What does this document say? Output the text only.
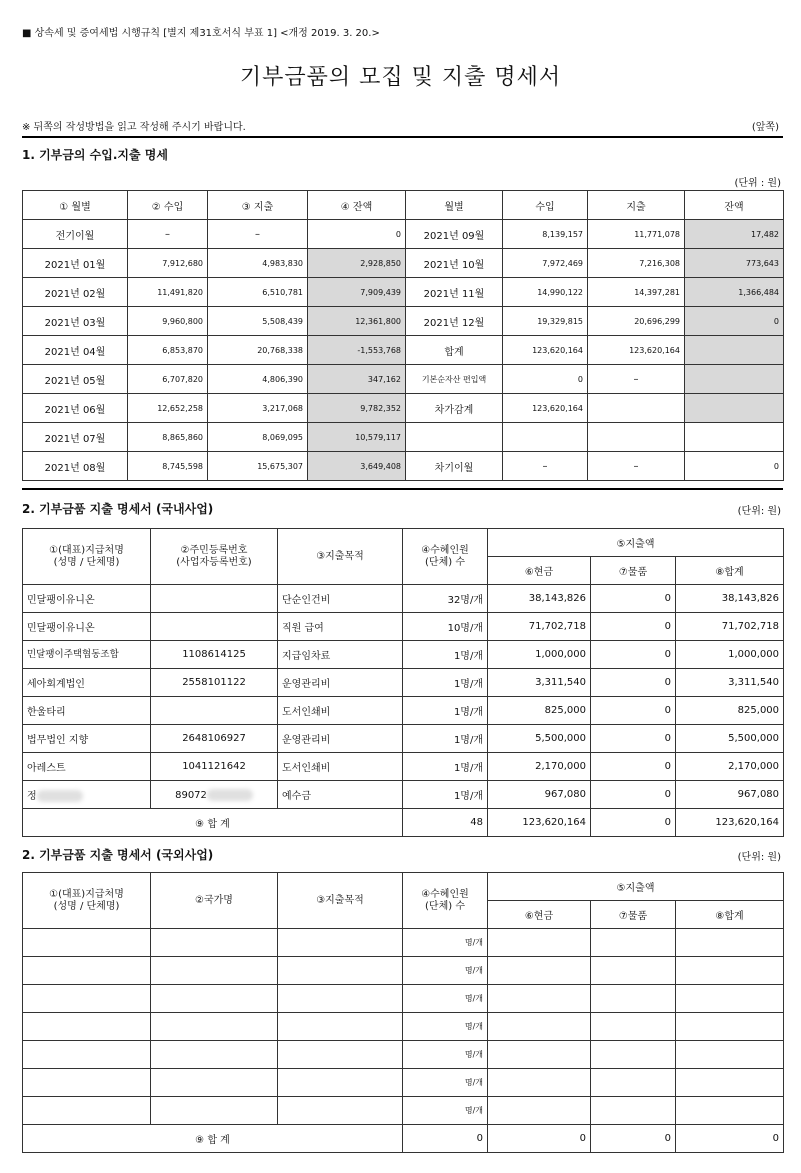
■ 상속세 및 증여세법 시행규칙 [별지 제31호서식 부표 1] <개정 2019. 3. 20.>
기부금품의 모집 및 지출 명세서
※ 뒤쪽의 작성방법을 읽고 작성해 주시기 바랍니다.	(앞쪽)
1. 기부금의 수입.지출 명세
(단위 : 원)
① 월별	② 수입	③ 지출	④ 잔액	월별	수입	지출	잔액
전기이월	–	–	0	2021년 09월	8,139,157	11,771,078	17,482
2021년 01월	7,912,680	4,983,830	2,928,850	2021년 10월	7,972,469	7,216,308	773,643
2021년 02월	11,491,820	6,510,781	7,909,439	2021년 11월	14,990,122	14,397,281	1,366,484
2021년 03월	9,960,800	5,508,439	12,361,800	2021년 12월	19,329,815	20,696,299	0
2021년 04월	6,853,870	20,768,338	-1,553,768	합계	123,620,164	123,620,164	
2021년 05월	6,707,820	4,806,390	347,162	기본순자산 편입액	0	–	
2021년 06월	12,652,258	3,217,068	9,782,352	차가감계	123,620,164		
2021년 07월	8,865,860	8,069,095	10,579,117				
2021년 08월	8,745,598	15,675,307	3,649,408	차기이월	–	–	0
2. 기부금품 지출 명세서 (국내사업)	(단위: 원)
①(대표)지급처명
(성명 / 단체명)	②주민등록번호
(사업자등록번호)	③지출목적	④수혜인원
(단체) 수	⑤지출액		
				⑥현금	⑦물품	⑧합계
민달팽이유니온		단순인건비	32명/개	38,143,826	0	38,143,826
민달팽이유니온		직원 급여	10명/개	71,702,718	0	71,702,718
민달팽이주택협동조합	1108614125	지급임차료	1명/개	1,000,000	0	1,000,000
세아회계법인	2558101122	운영관리비	1명/개	3,311,540	0	3,311,540
한울타리		도서인쇄비	1명/개	825,000	0	825,000
법무법인 지향	2648106927	운영관리비	1명/개	5,500,000	0	5,500,000
아레스트	1041121642	도서인쇄비	1명/개	2,170,000	0	2,170,000
정	89072	예수금	1명/개	967,080	0	967,080
⑨ 합 계			48	123,620,164	0	123,620,164
2. 기부금품 지출 명세서 (국외사업)	(단위: 원)
①(대표)지급처명
(성명 / 단체명)	②국가명	③지출목적	④수혜인원
(단체) 수	⑤지출액		
				⑥현금	⑦물품	⑧합계
			명/개			
			명/개			
			명/개			
			명/개			
			명/개			
			명/개			
			명/개			
⑨ 합 계			0	0	0	0
